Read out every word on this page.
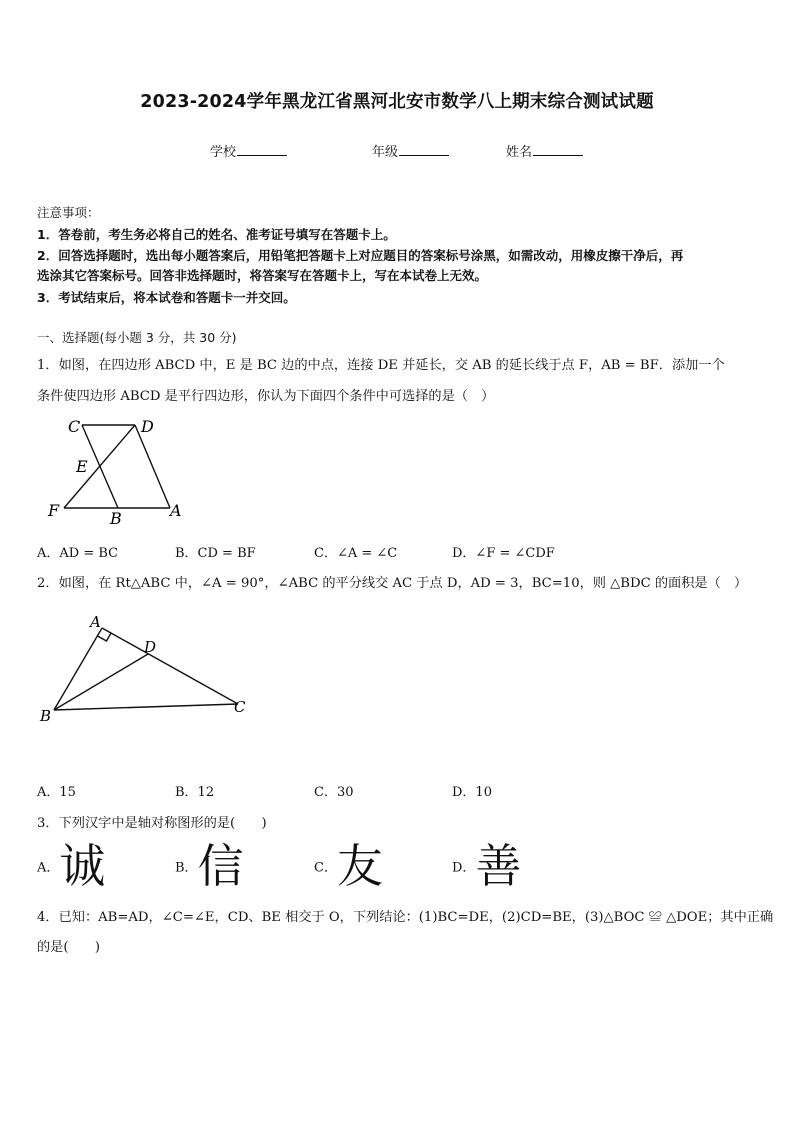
2023-2024学年黑龙江省黑河北安市数学八上期末综合测试试题
学校	年级	姓名
注意事项：
1．答卷前，考生务必将自己的姓名、准考证号填写在答题卡上。
2．回答选择题时，选出每小题答案后，用铅笔把答题卡上对应题目的答案标号涂黑，如需改动，用橡皮擦干净后，再
选涂其它答案标号。回答非选择题时，将答案写在答题卡上，写在本试卷上无效。
3．考试结束后，将本试卷和答题卡一并交回。
一、选择题(每小题 3 分，共 30 分)
1．如图，在四边形 ABCD 中，E 是 BC 边的中点，连接 DE 并延长，交 AB 的延长线于点 F，AB = BF．添加一个
条件使四边形 ABCD 是平行四边形，你认为下面四个条件中可选择的是（　）
C	D
E
F	B	A
A．AD = BC	B．CD = BF	C．∠A = ∠C	D．∠F = ∠CDF
2．如图，在 Rt△ABC 中，∠A = 90°，∠ABC 的平分线交 AC 于点 D，AD = 3，BC=10，则 △BDC 的面积是（　）
A
D
B	C
A．15	B．12	C．30	D．10
3．下列汉字中是轴对称图形的是(　　)
A．诚	B．信	C．友	D．善
4．已知：AB=AD，∠C=∠E，CD、BE 相交于 O，下列结论：(1)BC=DE，(2)CD=BE，(3)△BOC ≌ △DOE；其中正确
的是(　　)
